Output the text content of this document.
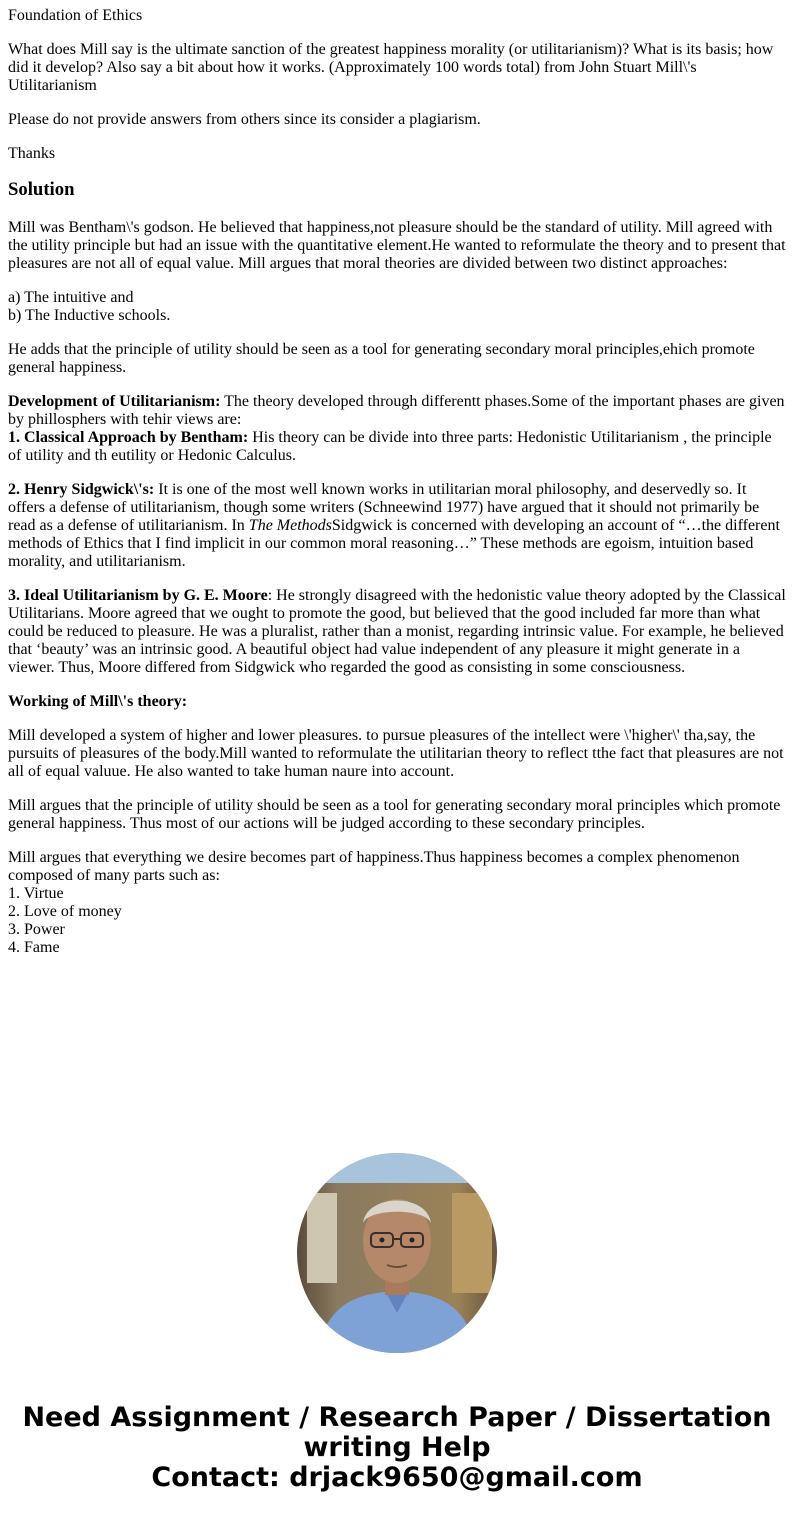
Foundation of Ethics

What does Mill say is the ultimate sanction of the greatest happiness morality (or utilitarianism)? What is its basis; how did it develop? Also say a bit about how it works. (Approximately 100 words total) from John Stuart Mill\'s Utilitarianism

Please do not provide answers from others since its consider a plagiarism.

Thanks

Solution

Mill was Bentham\'s godson. He believed that happiness,not pleasure should be the standard of utility. Mill agreed with the utility principle but had an issue with the quantitative element.He wanted to reformulate the theory and to present that pleasures are not all of equal value. Mill argues that moral theories are divided between two distinct approaches:

a) The intuitive and
b) The Inductive schools.

He adds that the principle of utility should be seen as a tool for generating secondary moral principles,ehich promote general happiness.

Development of Utilitarianism: The theory developed through differentt phases.Some of the important phases are given by phillosphers with tehir views are:
1. Classical Approach by Bentham: His theory can be divide into three parts: Hedonistic Utilitarianism , the principle of utility and th eutility or Hedonic Calculus.

2. Henry Sidgwick\'s: It is one of the most well known works in utilitarian moral philosophy, and deservedly so. It offers a defense of utilitarianism, though some writers (Schneewind 1977) have argued that it should not primarily be read as a defense of utilitarianism. In The MethodsSidgwick is concerned with developing an account of “…the different methods of Ethics that I find implicit in our common moral reasoning…” These methods are egoism, intuition based morality, and utilitarianism.

3. Ideal Utilitarianism by G. E. Moore: He strongly disagreed with the hedonistic value theory adopted by the Classical Utilitarians. Moore agreed that we ought to promote the good, but believed that the good included far more than what could be reduced to pleasure. He was a pluralist, rather than a monist, regarding intrinsic value. For example, he believed that ‘beauty’ was an intrinsic good. A beautiful object had value independent of any pleasure it might generate in a viewer. Thus, Moore differed from Sidgwick who regarded the good as consisting in some consciousness.

Working of Mill\'s theory:

Mill developed a system of higher and lower pleasures. to pursue pleasures of the intellect were \'higher\' tha,say, the pursuits of pleasures of the body.Mill wanted to reformulate the utilitarian theory to reflect tthe fact that pleasures are not all of equal valuue. He also wanted to take human naure into account.

Mill argues that the principle of utility should be seen as a tool for generating secondary moral principles which promote general happiness. Thus most of our actions will be judged according to these secondary principles.

Mill argues that everything we desire becomes part of happiness.Thus happiness becomes a complex phenomenon composed of many parts such as:
1. Virtue
2. Love of money
3. Power
4. Fame

Need Assignment / Research Paper / Dissertation
writing Help
Contact: drjack9650@gmail.com
